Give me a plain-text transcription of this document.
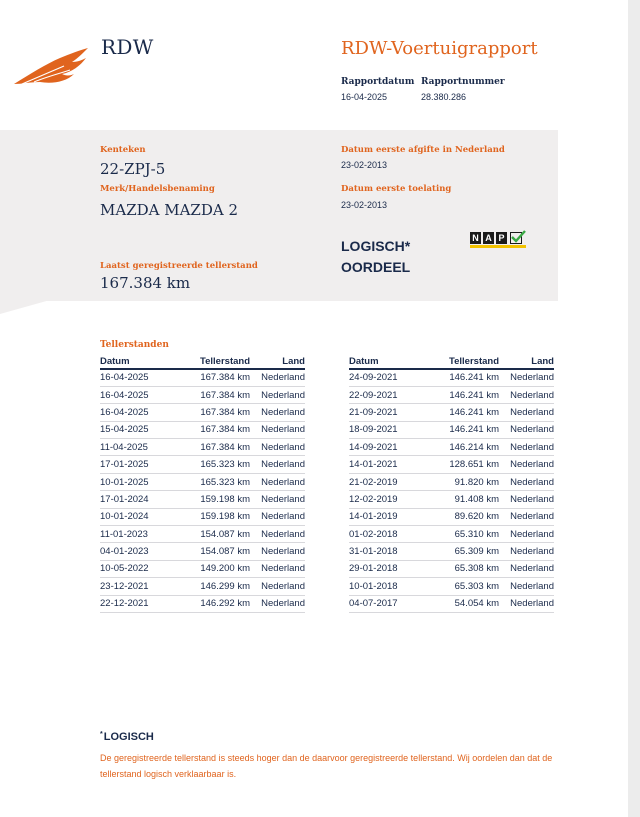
RDW	RDW-Voertuigrapport
Rapportdatum Rapportnummer
16-04-2025	28.380.286
Kenteken
22-ZPJ-5
Merk/Handelsbenaming
MAZDA MAZDA 2
Laatst geregistreerde tellerstand
167.384 km
Datum eerste afgifte in Nederland
23-02-2013
Datum eerste toelating
23-02-2013
LOGISCH*
OORDEEL
N A P
Tellerstanden
Datum	Tellerstand	Land
16-04-2025	167.384 km	Nederland
16-04-2025	167.384 km	Nederland
16-04-2025	167.384 km	Nederland
15-04-2025	167.384 km	Nederland
11-04-2025	167.384 km	Nederland
17-01-2025	165.323 km	Nederland
10-01-2025	165.323 km	Nederland
17-01-2024	159.198 km	Nederland
10-01-2024	159.198 km	Nederland
11-01-2023	154.087 km	Nederland
04-01-2023	154.087 km	Nederland
10-05-2022	149.200 km	Nederland
23-12-2021	146.299 km	Nederland
22-12-2021	146.292 km	Nederland
Datum	Tellerstand	Land
24-09-2021	146.241 km	Nederland
22-09-2021	146.241 km	Nederland
21-09-2021	146.241 km	Nederland
18-09-2021	146.241 km	Nederland
14-09-2021	146.214 km	Nederland
14-01-2021	128.651 km	Nederland
21-02-2019	91.820 km	Nederland
12-02-2019	91.408 km	Nederland
14-01-2019	89.620 km	Nederland
01-02-2018	65.310 km	Nederland
31-01-2018	65.309 km	Nederland
29-01-2018	65.308 km	Nederland
10-01-2018	65.303 km	Nederland
04-07-2017	54.054 km	Nederland
*LOGISCH
De geregistreerde tellerstand is steeds hoger dan de daarvoor geregistreerde tellerstand. Wij oordelen dan dat de tellerstand logisch verklaarbaar is.
